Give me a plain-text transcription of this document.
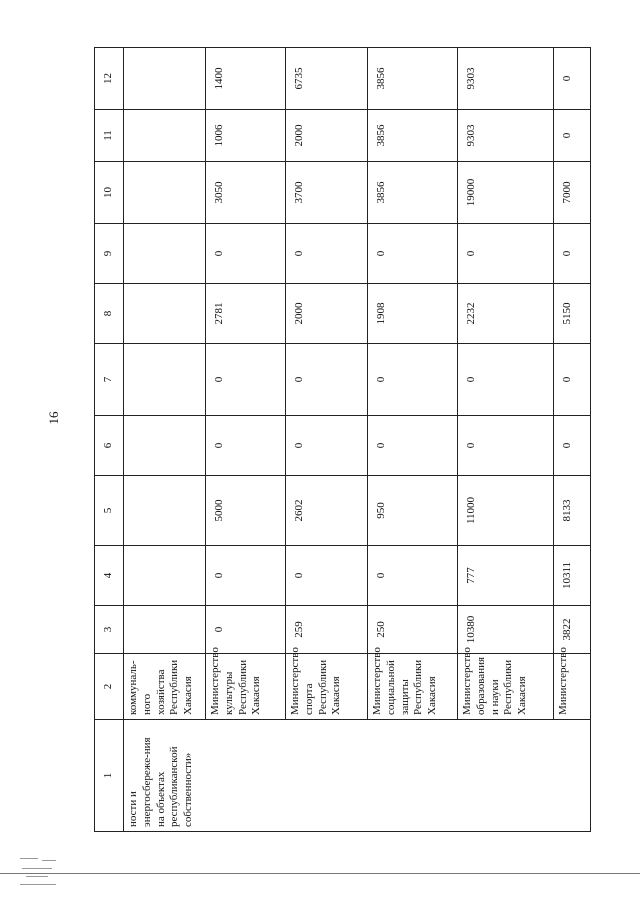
16
1	2	3	4	5	6	7	8	9	10	11	12
ности и энергосбереже-ния на объектах республиканской собственности»	коммуналь-ного хозяйства Республики Хакасия										
	Министерство культуры Республики Хакасия	0	0	5000	0	0	2781	0	3050	1006	1400
	Министерство спорта Республики Хакасия	259	0	2602	0	0	2000	0	3700	2000	6735
	Министерство социальной защиты Республики Хакасия	250	0	950	0	0	1908	0	3856	3856	3856
	Министерство образования и науки Республики Хакасия	10380	777	11000	0	0	2232	0	19000	9303	9303
	Министерство	3822	10311	8133	0	0	5150	0	7000	0	0
